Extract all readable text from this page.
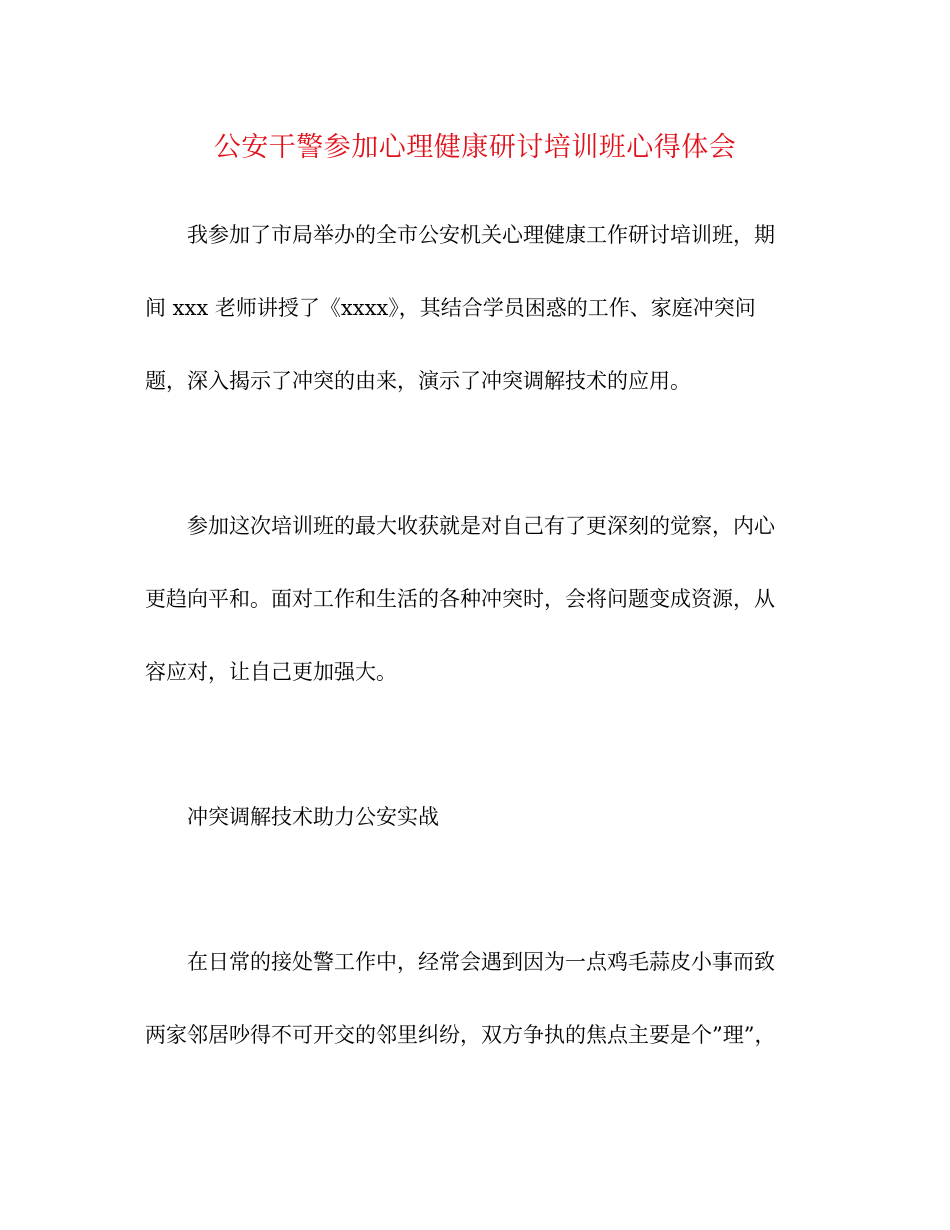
公安干警参加心理健康研讨培训班心得体会
我参加了市局举办的全市公安机关心理健康工作研讨培训班，期
间 xxx 老师讲授了《xxxx》，其结合学员困惑的工作、家庭冲突问
题，深入揭示了冲突的由来，演示了冲突调解技术的应用。
参加这次培训班的最大收获就是对自己有了更深刻的觉察，内心
更趋向平和。面对工作和生活的各种冲突时，会将问题变成资源，从
容应对，让自己更加强大。
冲突调解技术助力公安实战
在日常的接处警工作中，经常会遇到因为一点鸡毛蒜皮小事而致
两家邻居吵得不可开交的邻里纠纷，双方争执的焦点主要是个”理”，
